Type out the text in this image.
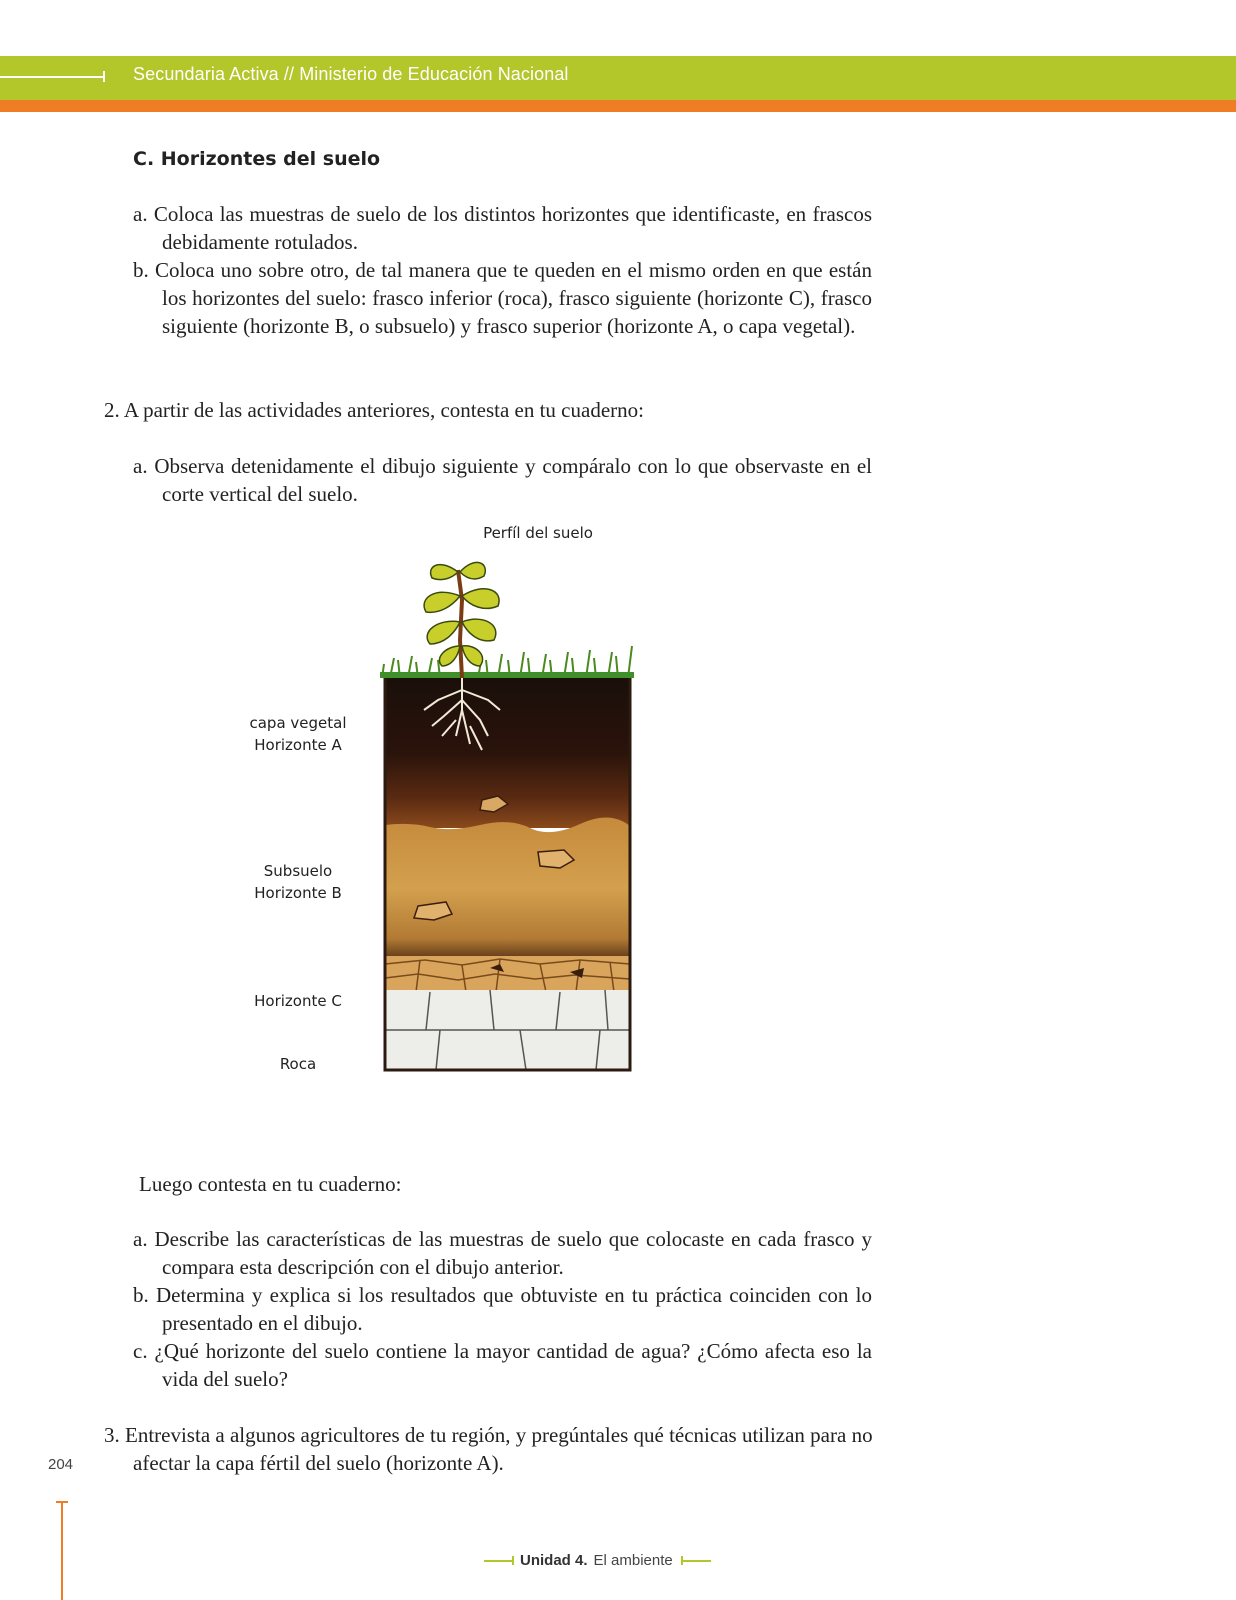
Secundaria Activa // Ministerio de Educación Nacional
C. Horizontes del suelo
a. Coloca las muestras de suelo de los distintos horizontes que identificaste, en frascos debidamente rotulados.
b. Coloca uno sobre otro, de tal manera que te queden en el mismo orden en que están los horizontes del suelo: frasco inferior (roca), frasco siguiente (horizonte C), frasco siguiente (horizonte B, o subsuelo) y frasco superior (horizonte A, o capa vegetal).
2. A partir de las actividades anteriores, contesta en tu cuaderno:
a. Observa detenidamente el dibujo siguiente y compáralo con lo que observaste en el corte vertical del suelo.
Perfíl del suelo
capa vegetal
Horizonte A
Subsuelo
Horizonte B
Horizonte C
Roca
Luego contesta en tu cuaderno:
a. Describe las características de las muestras de suelo que colocaste en cada frasco y compara esta descripción con el dibujo anterior.
b. Determina y explica si los resultados que obtuviste en tu práctica coinciden con lo presentado en el dibujo.
c. ¿Qué horizonte del suelo contiene la mayor cantidad de agua? ¿Cómo afecta eso la vida del suelo?
3. Entrevista a algunos agricultores de tu región, y pregúntales qué técnicas utilizan para no afectar la capa fértil del suelo (horizonte A).
204
Unidad 4. El ambiente
